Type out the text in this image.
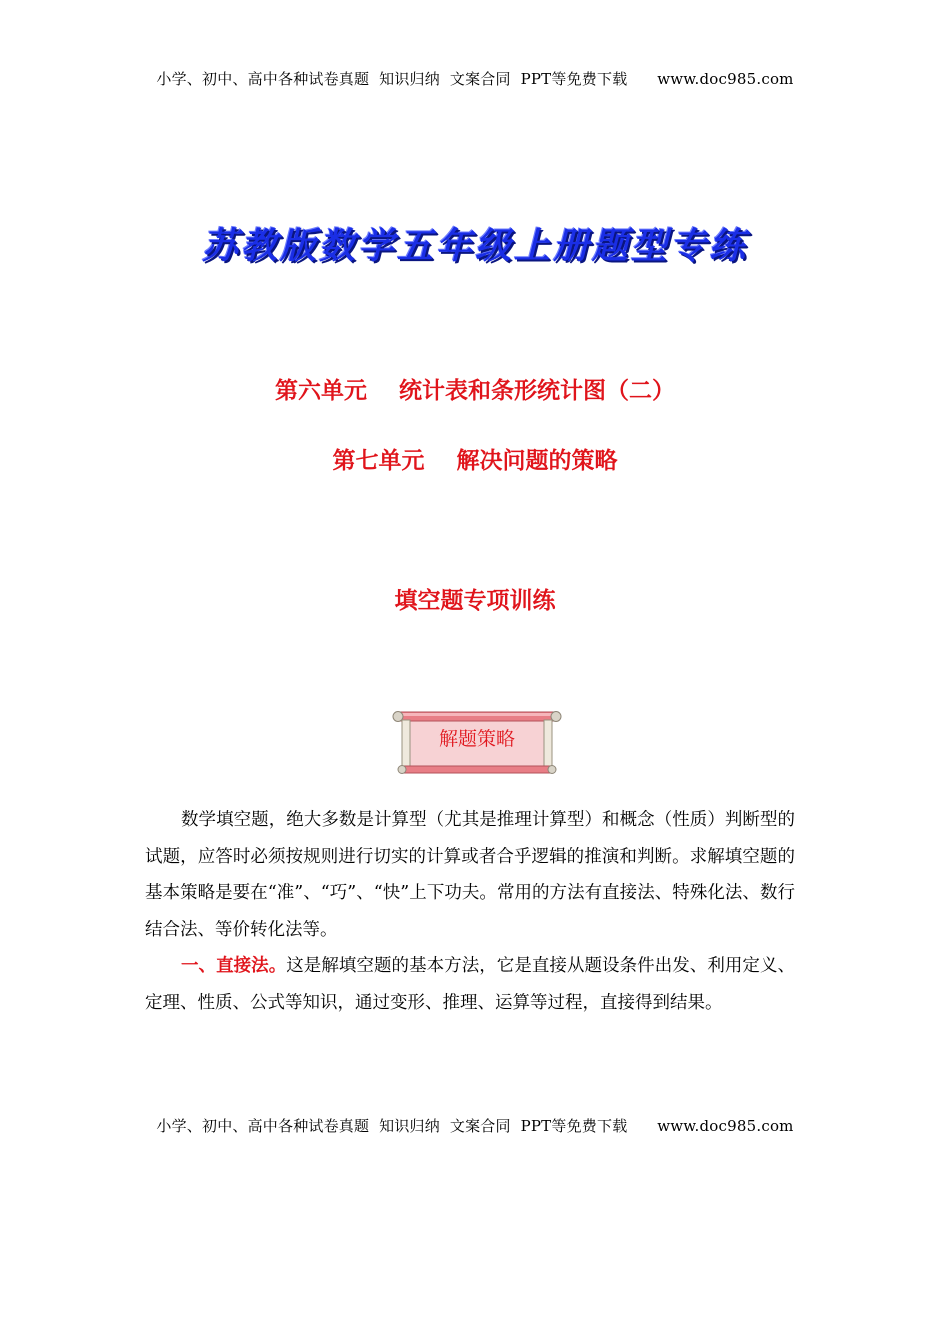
小学、初中、高中各种试卷真题  知识归纳  文案合同  PPT等免费下载      www.doc985.com
苏教版数学五年级上册题型专练
第六单元    统计表和条形统计图（二）
第七单元    解决问题的策略
填空题专项训练
解题策略
数学填空题，绝大多数是计算型（尤其是推理计算型）和概念（性质）判断型的试题，应答时必须按规则进行切实的计算或者合乎逻辑的推演和判断。求解填空题的基本策略是要在“准”、“巧”、“快”上下功夫。常用的方法有直接法、特殊化法、数行结合法、等价转化法等。
一、直接法。这是解填空题的基本方法，它是直接从题设条件出发、利用定义、定理、性质、公式等知识，通过变形、推理、运算等过程，直接得到结果。
小学、初中、高中各种试卷真题  知识归纳  文案合同  PPT等免费下载      www.doc985.com
